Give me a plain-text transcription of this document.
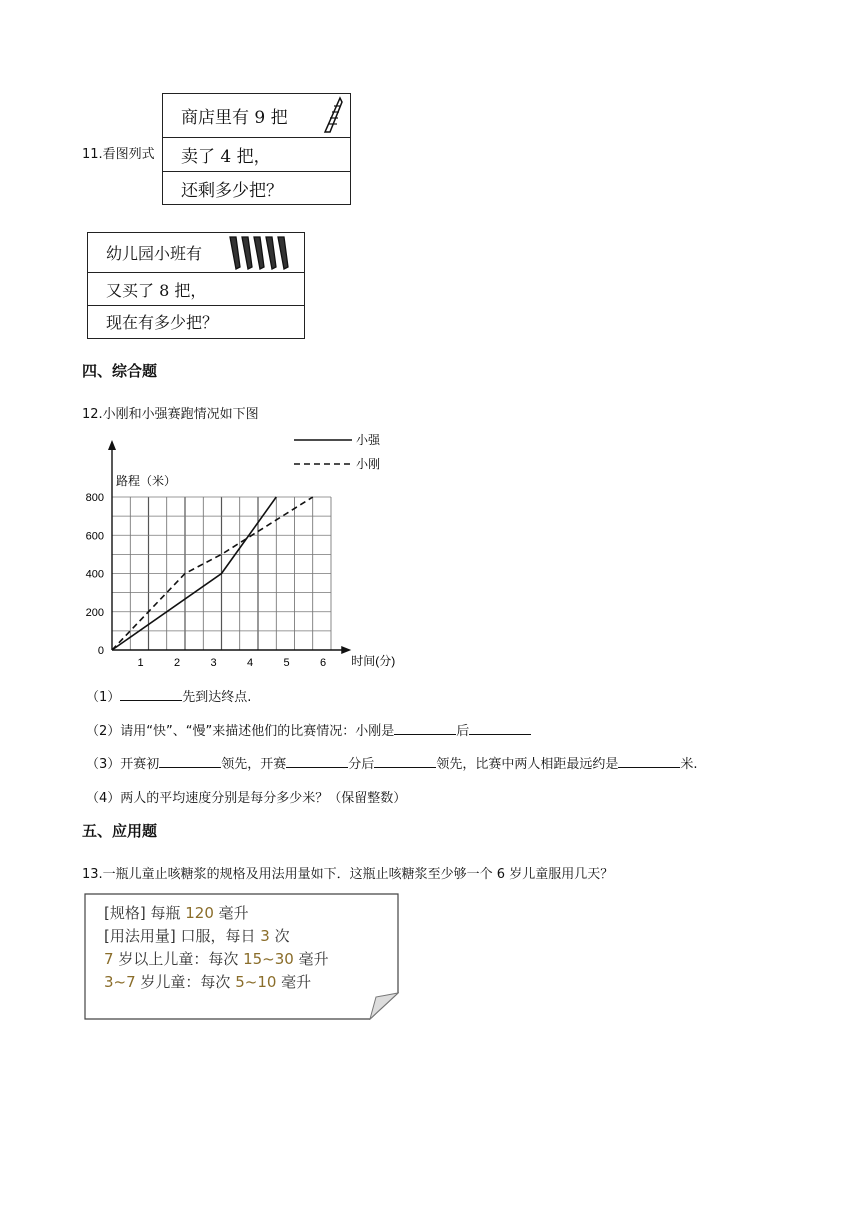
11.看图列式
商店里有 9 把
卖了 4 把，
还剩多少把？
幼儿园小班有
又买了 8 把，
现在有多少把？
四、综合题
12.小刚和小强赛跑情况如下图
0
200
400
600
800
1	2	3	4	5	6
路程（米）
时间(分)
小强
小刚
（1）	先到达终点.
（2）请用“快”、“慢”来描述他们的比赛情况：小刚是	后
（3）开赛初	领先，开赛	分后	领先，比赛中两人相距最远约是	米.
（4）两人的平均速度分别是每分多少米？（保留整数）
五、应用题
13.一瓶儿童止咳糖浆的规格及用法用量如下．这瓶止咳糖浆至少够一个 6 岁儿童服用几天？
[规格] 每瓶 120 毫升
[用法用量] 口服，每日 3 次
7 岁以上儿童：每次 15~30 毫升
3~7 岁儿童：每次 5~10 毫升
